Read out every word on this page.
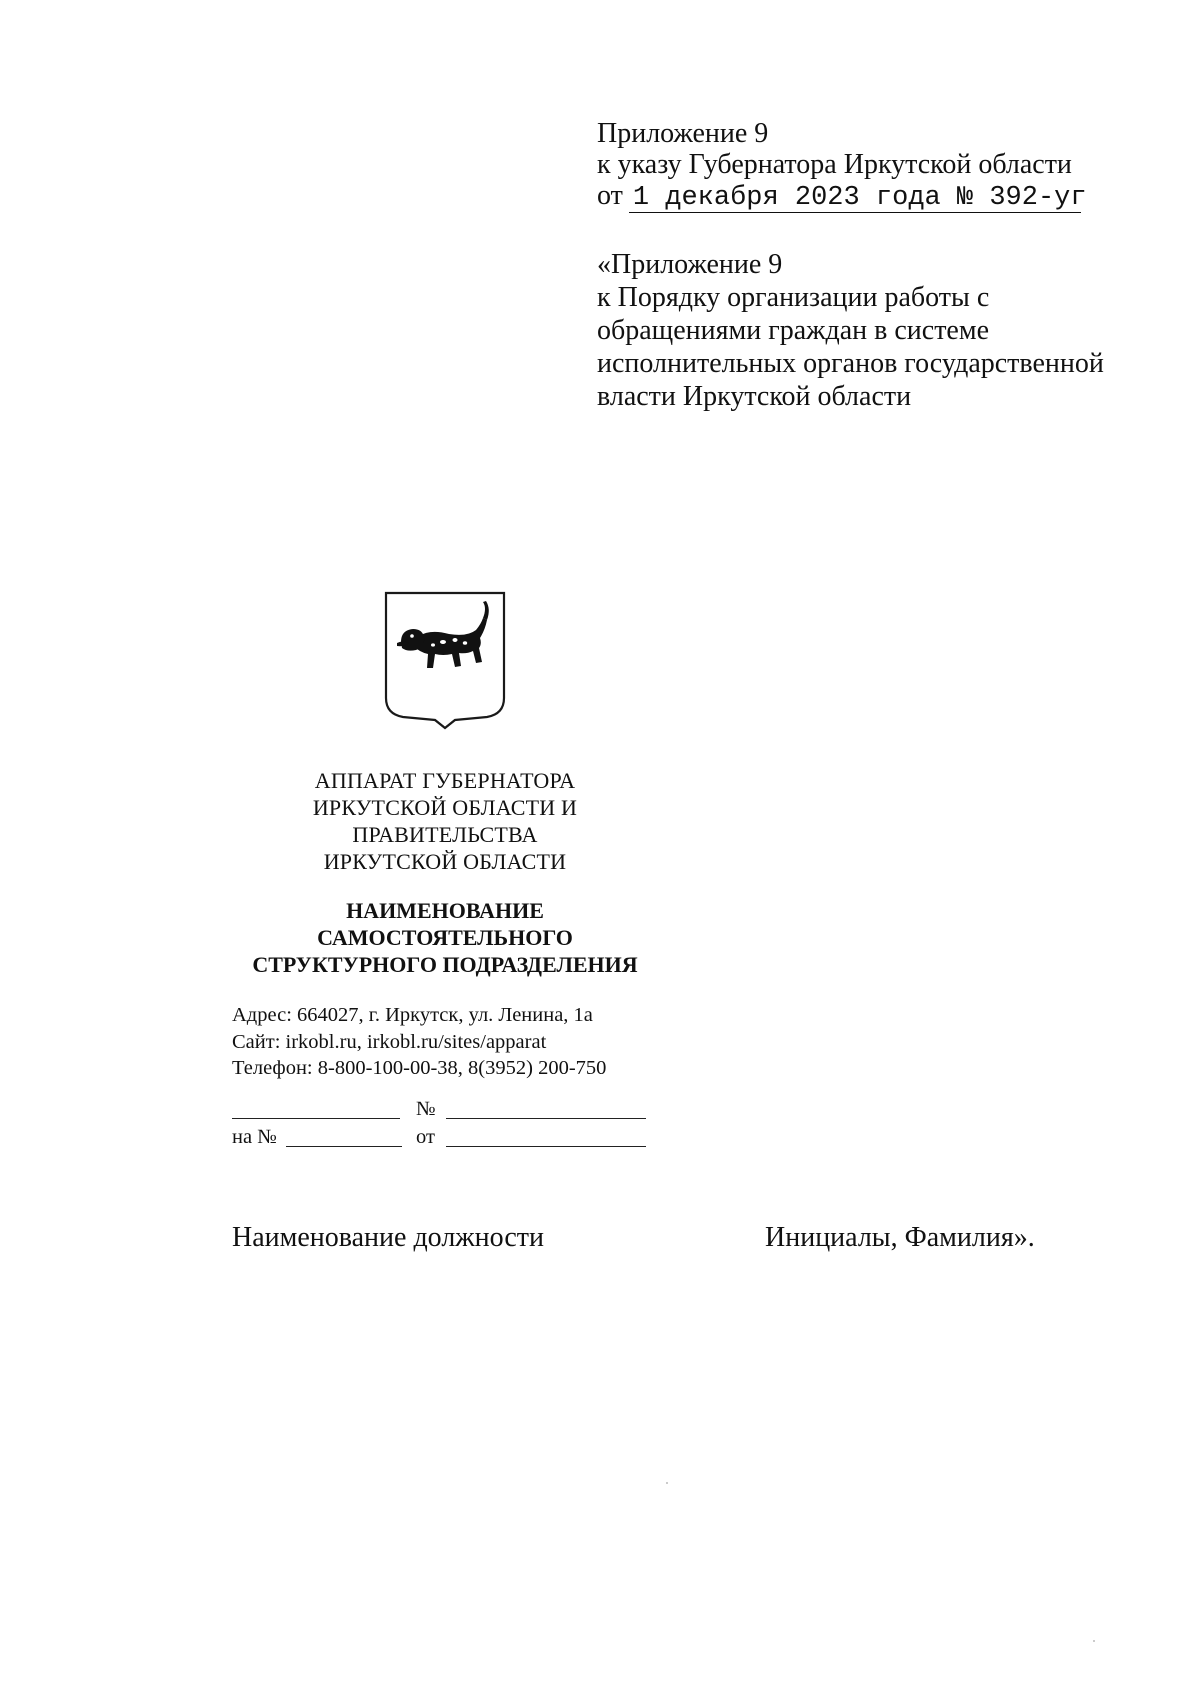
Приложение 9
к указу Губернатора Иркутской области
от 1 декабря 2023 года № 392-уг
«Приложение 9
к Порядку организации работы с
обращениями граждан в системе
исполнительных органов государственной
власти Иркутской области
АППАРАТ ГУБЕРНАТОРА
ИРКУТСКОЙ ОБЛАСТИ И
ПРАВИТЕЛЬСТВА
ИРКУТСКОЙ ОБЛАСТИ
НАИМЕНОВАНИЕ
САМОСТОЯТЕЛЬНОГО
СТРУКТУРНОГО ПОДРАЗДЕЛЕНИЯ
Адрес: 664027, г. Иркутск, ул. Ленина, 1а
Сайт: irkobl.ru, irkobl.ru/sites/apparat
Телефон: 8-800-100-00-38, 8(3952) 200-750
№
на №	от
Наименование должности	Инициалы, Фамилия».
